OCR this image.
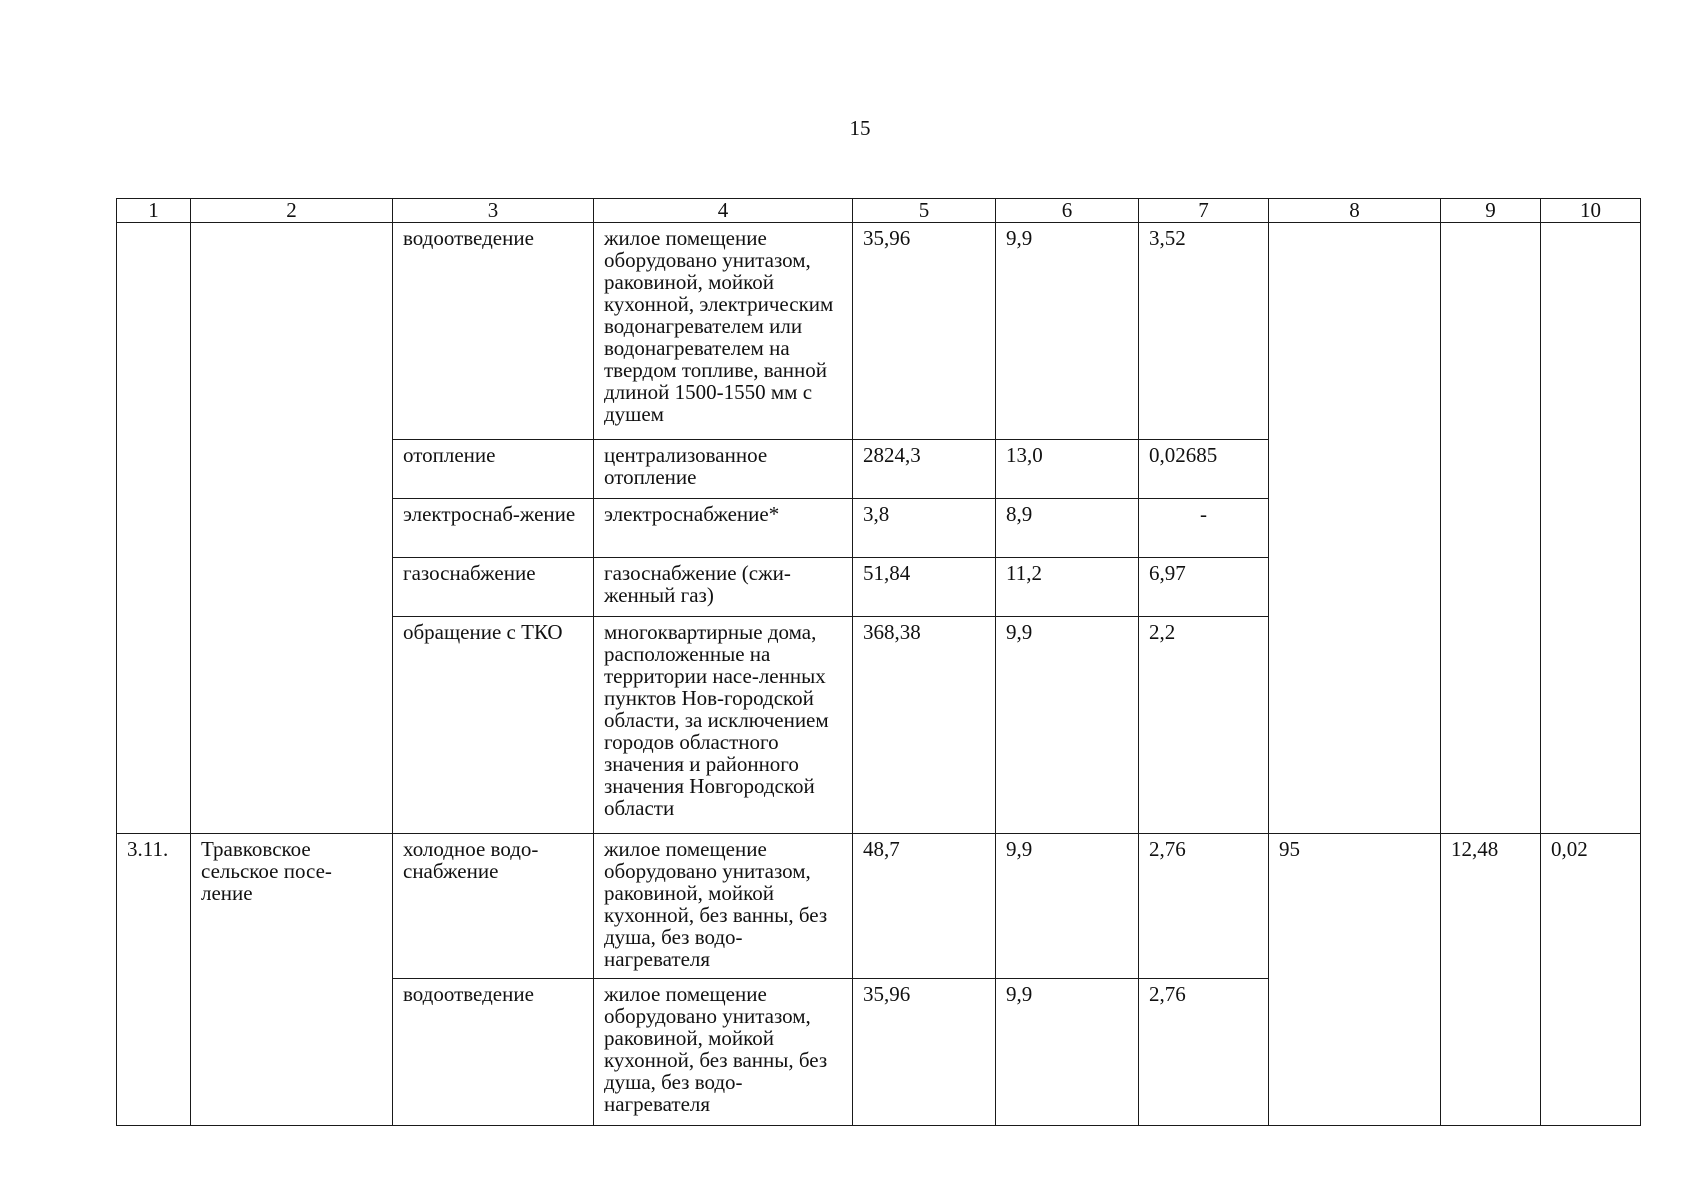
15
1	2	3	4	5	6	7	8	9	10
		водоотведение	жилое помещение оборудовано унитазом, раковиной, мойкой кухонной, электрическим водонагревателем или водонагревателем на твердом топливе, ванной длиной 1500-1550 мм с душем	35,96	9,9	3,52			
		отопление	централизованное отопление	2824,3	13,0	0,02685			
		электроснаб-жение	электроснабжение*	3,8	8,9	-			
		газоснабжение	газоснабжение (сжи-женный газ)	51,84	11,2	6,97			
		обращение с ТКО	многоквартирные дома, расположенные на территории насе-ленных пунктов Нов-городской области, за исключением городов областного значения и районного значения Новгородской области	368,38	9,9	2,2			
3.11.	Травковское сельское посе-ление	холодное водо-снабжение	жилое помещение оборудовано унитазом, раковиной, мойкой кухонной, без ванны, без душа, без водо-нагревателя	48,7	9,9	2,76	95	12,48	0,02
		водоотведение	жилое помещение оборудовано унитазом, раковиной, мойкой кухонной, без ванны, без душа, без водо-нагревателя	35,96	9,9	2,76			
